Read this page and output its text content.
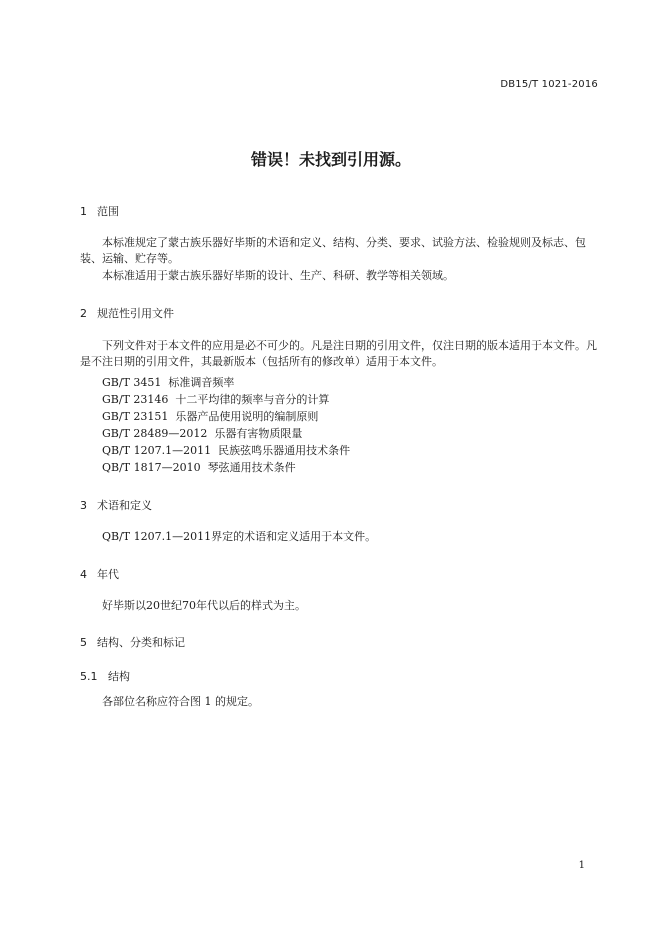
DB15/T 1021-2016
错误！未找到引用源。
1 范围
本标准规定了蒙古族乐器好毕斯的术语和定义、结构、分类、要求、试验方法、检验规则及标志、包装、运输、贮存等。
本标准适用于蒙古族乐器好毕斯的设计、生产、科研、教学等相关领域。
2 规范性引用文件
下列文件对于本文件的应用是必不可少的。凡是注日期的引用文件，仅注日期的版本适用于本文件。凡是不注日期的引用文件，其最新版本（包括所有的修改单）适用于本文件。
GB/T 3451  标准调音频率
GB/T 23146  十二平均律的频率与音分的计算
GB/T 23151  乐器产品使用说明的编制原则
GB/T 28489—2012  乐器有害物质限量
QB/T 1207.1—2011  民族弦鸣乐器通用技术条件
QB/T 1817—2010  琴弦通用技术条件
3 术语和定义
QB/T 1207.1—2011界定的术语和定义适用于本文件。
4 年代
好毕斯以20世纪70年代以后的样式为主。
5 结构、分类和标记
5.1 结构
各部位名称应符合图 1 的规定。
1
